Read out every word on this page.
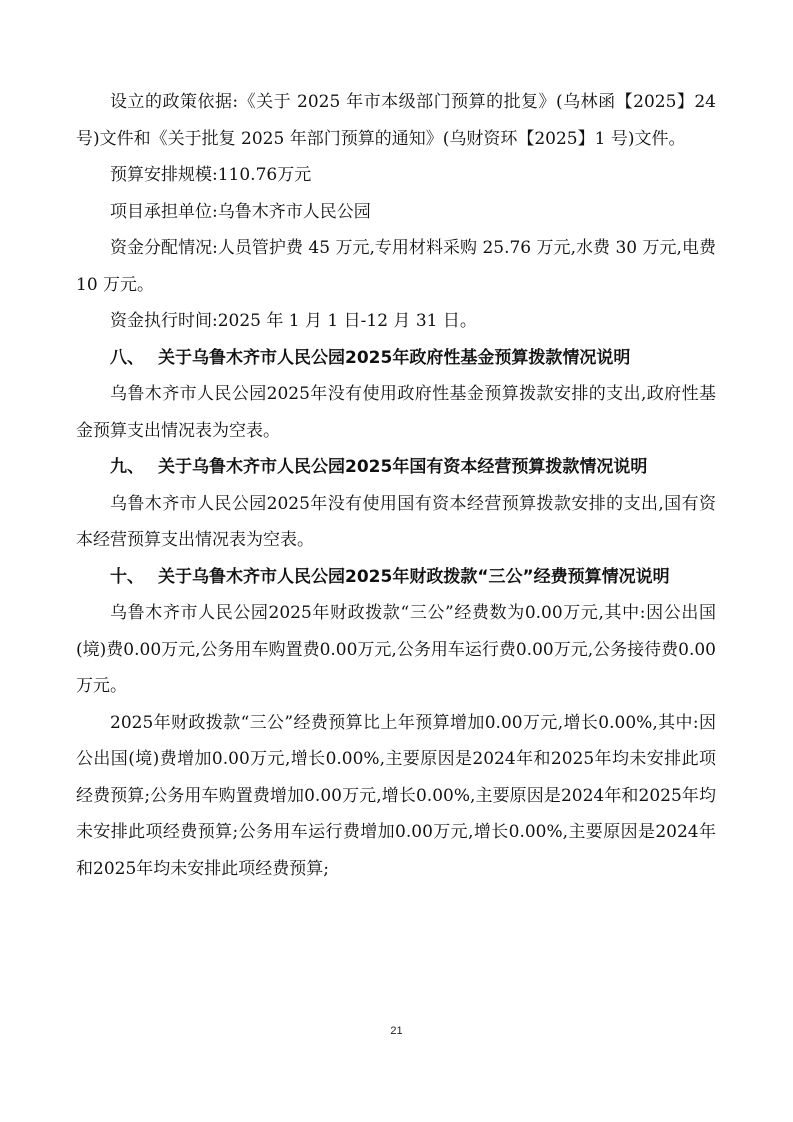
设立的政策依据:《关于 2025 年市本级部门预算的批复》(乌林函【2025】24 号)文件和《关于批复 2025 年部门预算的通知》(乌财资环【2025】1 号)文件。

预算安排规模:110.76万元

项目承担单位:乌鲁木齐市人民公园

资金分配情况:人员管护费 45 万元,专用材料采购 25.76 万元,水费 30 万元,电费 10 万元。

资金执行时间:2025 年 1 月 1 日-12 月 31 日。

八、 关于乌鲁木齐市人民公园2025年政府性基金预算拨款情况说明

乌鲁木齐市人民公园2025年没有使用政府性基金预算拨款安排的支出,政府性基金预算支出情况表为空表。

九、 关于乌鲁木齐市人民公园2025年国有资本经营预算拨款情况说明

乌鲁木齐市人民公园2025年没有使用国有资本经营预算拨款安排的支出,国有资本经营预算支出情况表为空表。

十、 关于乌鲁木齐市人民公园2025年财政拨款“三公”经费预算情况说明

乌鲁木齐市人民公园2025年财政拨款“三公”经费数为0.00万元,其中:因公出国(境)费0.00万元,公务用车购置费0.00万元,公务用车运行费0.00万元,公务接待费0.00万元。

2025年财政拨款“三公”经费预算比上年预算增加0.00万元,增长0.00%,其中:因公出国(境)费增加0.00万元,增长0.00%,主要原因是2024年和2025年均未安排此项经费预算;公务用车购置费增加0.00万元,增长0.00%,主要原因是2024年和2025年均未安排此项经费预算;公务用车运行费增加0.00万元,增长0.00%,主要原因是2024年和2025年均未安排此项经费预算;

21
